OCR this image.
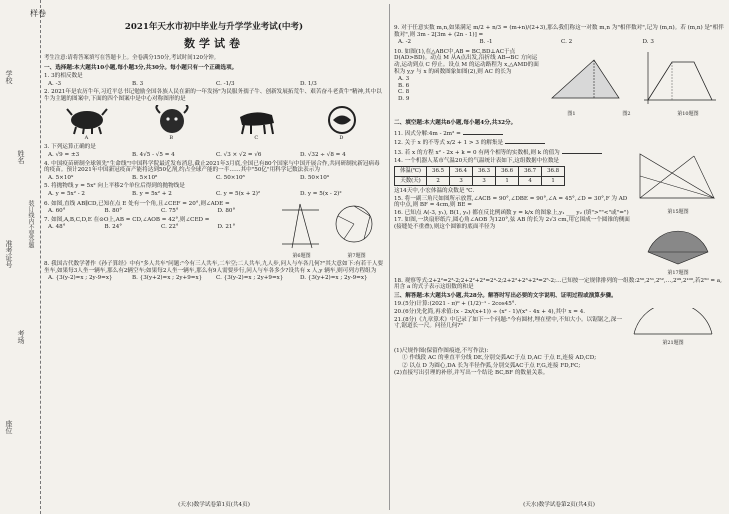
学校
姓名
准考证号
考场
座位
装订线内不要答题
样卷
2021年天水市初中毕业与升学学业考试(中考)
数学试卷
考生注意:请将答案填写在答题卡上。全卷满分150分,考试时间120分钟。
一、选择题:本大题共10小题,每小题3分,共30分。每小题只有一个正确选项。
1. 3的相反数是
A. -3	B. 3	C. -1/3	D. 1/3
2. 2021年是农历牛年,习近平总书记勉励全国各族人民在新的一年发扬"为民服务孺子牛、创新发展拓荒牛、艰苦奋斗老黄牛"精神,其中以牛为主题的图案中,下面的四个图案中是中心对称图形的是
A	B	C	D
3. 下列运算正确的是
A. √9 = ±3	B. 4√5 - √5 = 4	C. √3 × √2 = √6	D. √32 ÷ √8 = 4
4. 中国疫苗研制全球领先"生命线"!中国科学院最近发布消息,截止2021年3月底,全国已有80个国家与中国开展合作,共同研制抗新冠病毒的疫苗。预计2021年中国新冠疫苗产能将达到50亿剂,约占全球产能的一半……其中"50亿"用科学记数法表示为
A. 5×10⁹	B. 5×10⁸	C. 50×10⁸	D. 50×10⁹
5. 将抛物线 y = 5x² 向上平移2个单位后得到的抛物线是
A. y = 5x² - 2	B. y = 5x² + 2	C. y = 5(x + 2)²	D. y = 5(x - 2)²
6. 如图,直线 AB∥CD,已知在点 E 处有一个角,且∠CEF = 20°,则∠ADE =
A. 60°	B. 80°	C. 75°	D. 80°
7. 如图,A,B,C,D,E 在⊙O上,AB = CD,∠AOB = 42°,则∠CED =
A. 48°	B. 24°	C. 22°	D. 21°
第6题图	第7题图
8. 我国古代数学著作《孙子算经》中有"多人共车"问题:"今有三人共车,二车空;二人共车,九人步,问人与车各几何?"其大意如下:有若干人要坐车,如果每3人坐一辆车,那么有2辆空车;如果每2人坐一辆车,那么有9人需要步行,问人与车各多少?设共有 x 人,y 辆车,则可列方程组为
A. {3(y-2)=x ; 2y-9=x}	B. {3(y+2)=x ; 2y+9=x}	C. {3(y-2)=x ; 2y+9=x}	D. {3(y+2)=x ; 2y-9=x}
(天水)数学试卷第1页(共4页)
9. 对于任意实数 m,n,如果满足 m/2 + n/3 = (m+n)/(2+3),那么我们称这一对数 m,n 为"相伴数对",记为 (m,n)。若 (m,n) 是"相伴数对",则 3m - 2[3m + (2n - 1)] =
A. -2	B. -1	C. 2	D. 3
10. 如图(1),在△ABC中,AB = BC,BD⊥AC于点D(AD>BD)。动点 M 从A点出发,沿折线 AB→BC 方向运动,运动到点 C 停止。设点 M 的运动路程为 x,△AMD的面积为 y,y 与 x 的函数图象如图(2),则 AC 的长为
A. 3
B. 6
C. 8
D. 9
图1	图2	第10题图
二、填空题:本大题共8小题,每小题4分,共32分。
11. 因式分解:4m - 2m² =
12. 关于 x 的不等式 x/2 + 1 > 3 的解集是
13. 若 x 的方程 x² - 2x + k = 0 有两个相等的实数根,则 k 的值为
14. 一个机器人某市气温20天的气温统计表如下,这组数据中位数是
体温(℃)	36.5	36.4	36.3	36.6	36.7	36.8
天数(天)	2	3	3	1	4	1
这14天中,小宏体温的众数是 ℃.
15. 将一副三角尺如图所示放置,∠ACB = 90°,∠DBE = 90°,∠A = 45°,∠D = 30°,F 为 AD 的中点,则 BF = 4cm,则 BE =
16. 已知点 A(-3, y₁), B(1, y₂) 都在反比例函数 y = k/x 的图象上,y₁ ___ y₂ (填">""<"或"=")
17. 如图,一块扇形纸片,圆心角∠AOB 为120°,弦 AB 的长为 2√3 cm,用它围成一个圆锥的侧面(接缝处不重叠),则这个圆锥的底面半径为
第15题图
第17题图
18. 观察等式:2+2²=2³-2;2+2²+2³=2⁴-2;2+2²+2³+2⁴=2⁵-2;…已知按一定规律排列的一组数:2⁵⁰,2⁵¹,2⁵²,…,2⁹⁹,2¹⁰⁰,若2⁵⁰ = a,用含 a 的式子表示这组数的和是
三、解答题:本大题共3小题,共28分。解答时写出必要的文字说明、证明过程或演算步骤。
19.(5分)计算:(2021 - π)⁰ + (1/2)⁻¹ - 2cos45°.
20.(6分)先化简,再求值:(x - 2x/(x+1)) ÷ (x² - 1)/(x² - 4x + 4),其中 x = 4.
21.(8分)《九章算术》中记录了如下一个问题:"今有圆材,埋在壁中,不知大小。以锯锯之,深一寸,锯道长一尺。问径几何?"
第21题图
(1)尺规作图(保留作图痕迹,不写作法):
① 作线段 AC 的垂直平分线 DE,分别交弧AC于点 D,AC 于点 E,连接 AD,CD;
② 以点 D 为圆心,DA 长为半径作弧,分别交弧AC于点 F,G,连接 FD,FC;
(2)直接写出引理的补形,并写出一个结论 BC,BF 的数量关系。
(天水)数学试卷第2页(共4页)
